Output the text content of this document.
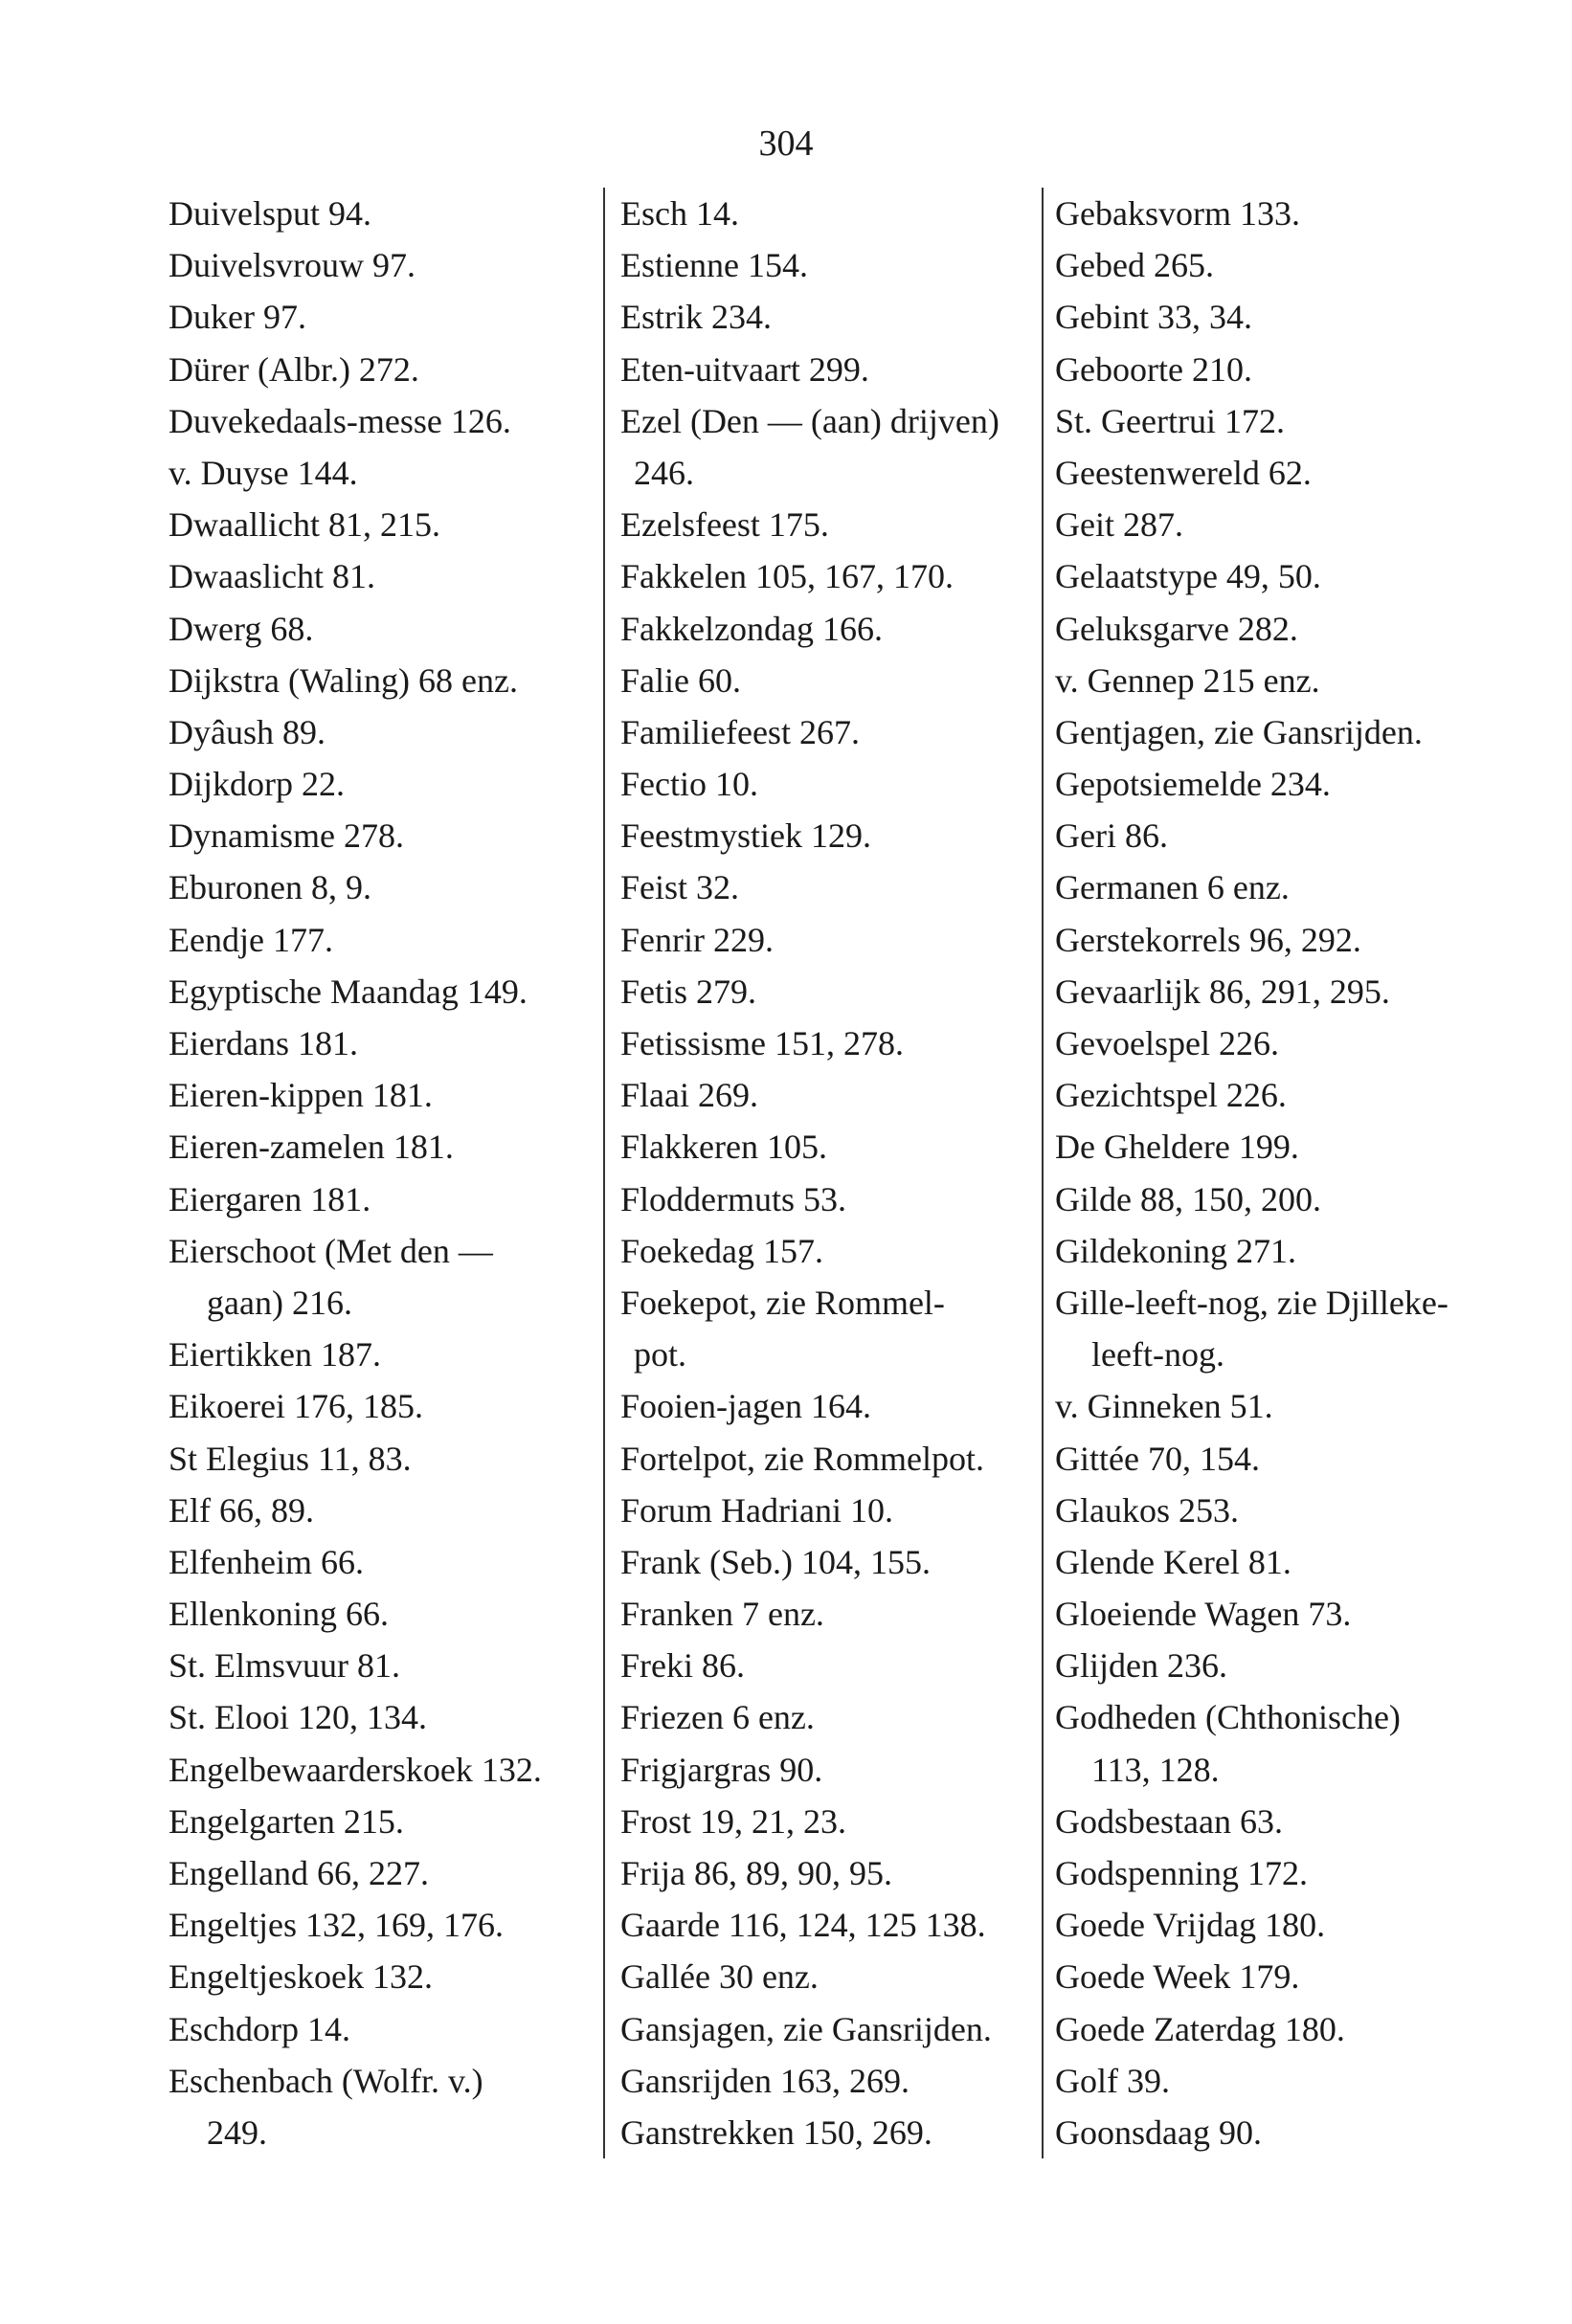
304
Duivelsput 94.
Duivelsvrouw 97.
Duker 97.
Dürer (Albr.) 272.
Duvekedaals-messe 126.
v. Duyse 144.
Dwaallicht 81, 215.
Dwaaslicht 81.
Dwerg 68.
Dijkstra (Waling) 68 enz.
Dyâush 89.
Dijkdorp 22.
Dynamisme 278.
Eburonen 8, 9.
Eendje 177.
Egyptische Maandag 149.
Eierdans 181.
Eieren-kippen 181.
Eieren-zamelen 181.
Eiergaren 181.
Eierschoot (Met den —
gaan) 216.
Eiertikken 187.
Eikoerei 176, 185.
St Elegius 11, 83.
Elf 66, 89.
Elfenheim 66.
Ellenkoning 66.
St. Elmsvuur 81.
St. Elooi 120, 134.
Engelbewaarderskoek 132.
Engelgarten 215.
Engelland 66, 227.
Engeltjes 132, 169, 176.
Engeltjeskoek 132.
Eschdorp 14.
Eschenbach (Wolfr. v.)
249.
Esch 14.
Estienne 154.
Estrik 234.
Eten-uitvaart 299.
Ezel (Den — (aan) drijven)
246.
Ezelsfeest 175.
Fakkelen 105, 167, 170.
Fakkelzondag 166.
Falie 60.
Familiefeest 267.
Fectio 10.
Feestmystiek 129.
Feist 32.
Fenrir 229.
Fetis 279.
Fetissisme 151, 278.
Flaai 269.
Flakkeren 105.
Floddermuts 53.
Foekedag 157.
Foekepot, zie Rommel-
pot.
Fooien-jagen 164.
Fortelpot, zie Rommelpot.
Forum Hadriani 10.
Frank (Seb.) 104, 155.
Franken 7 enz.
Freki 86.
Friezen 6 enz.
Frigjargras 90.
Frost 19, 21, 23.
Frija 86, 89, 90, 95.
Gaarde 116, 124, 125 138.
Gallée 30 enz.
Gansjagen, zie Gansrijden.
Gansrijden 163, 269.
Ganstrekken 150, 269.
Gebaksvorm 133.
Gebed 265.
Gebint 33, 34.
Geboorte 210.
St. Geertrui 172.
Geestenwereld 62.
Geit 287.
Gelaatstype 49, 50.
Geluksgarve 282.
v. Gennep 215 enz.
Gentjagen, zie Gansrijden.
Gepotsiemelde 234.
Geri 86.
Germanen 6 enz.
Gerstekorrels 96, 292.
Gevaarlijk 86, 291, 295.
Gevoelspel 226.
Gezichtspel 226.
De Gheldere 199.
Gilde 88, 150, 200.
Gildekoning 271.
Gille-leeft-nog, zie Djilleke-
leeft-nog.
v. Ginneken 51.
Gittée 70, 154.
Glaukos 253.
Glende Kerel 81.
Gloeiende Wagen 73.
Glijden 236.
Godheden (Chthonische)
113, 128.
Godsbestaan 63.
Godspenning 172.
Goede Vrijdag 180.
Goede Week 179.
Goede Zaterdag 180.
Golf 39.
Goonsdaag 90.
